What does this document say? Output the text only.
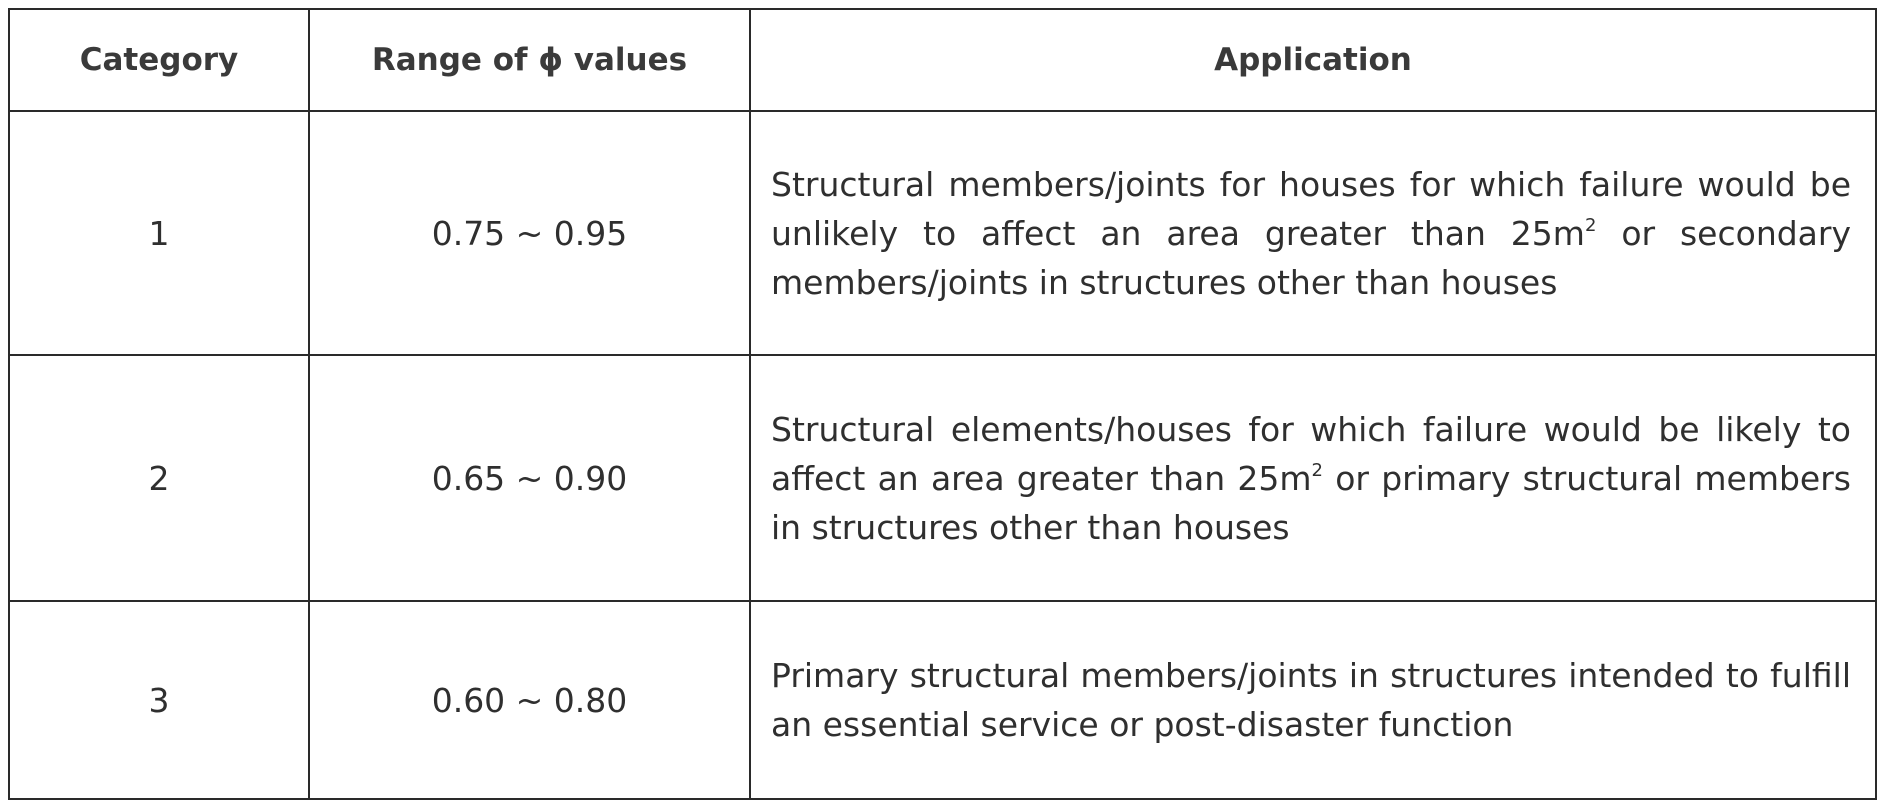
Category	Range of ϕ values	Application
1	0.75 ~ 0.95	Structural members/joints for houses for which failure would be unlikely to affect an area greater than $25m^2$ or secondary members/joints in structures other than houses
2	0.65 ~ 0.90	Structural elements/houses for which failure would be likely to affect an area greater than $25m^2$ or primary structural members in structures other than houses
3	0.60 ~ 0.80	Primary structural members/joints in structures intended to fulfill an essential service or post-disaster function
